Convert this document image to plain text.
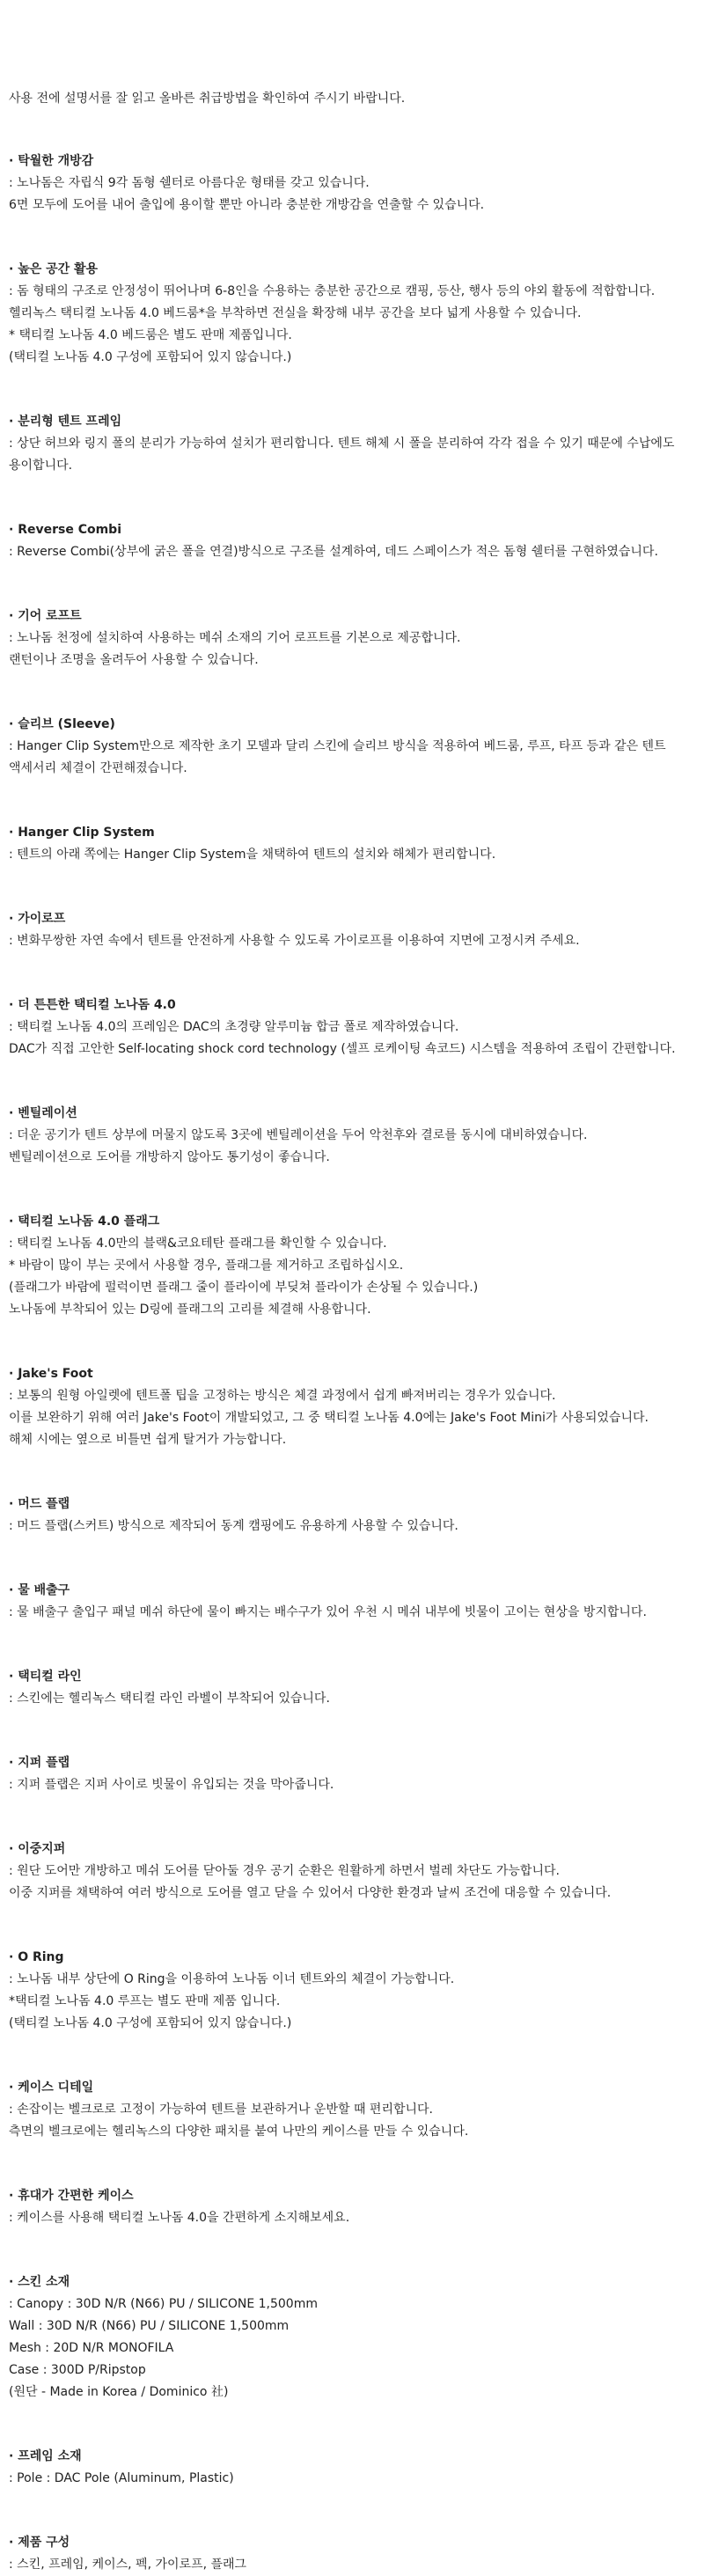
사용 전에 설명서를 잘 읽고 올바른 취급방법을 확인하여 주시기 바랍니다.

· 탁월한 개방감
: 노나돔은 자립식 9각 돔형 쉘터로 아름다운 형태를 갖고 있습니다.
6면 모두에 도어를 내어 출입에 용이할 뿐만 아니라 충분한 개방감을 연출할 수 있습니다.
· 높은 공간 활용
: 돔 형태의 구조로 안정성이 뛰어나며 6-8인을 수용하는 충분한 공간으로 캠핑, 등산, 행사 등의 야외 활동에 적합합니다.
헬리녹스 택티컬 노나돔 4.0 베드룸*을 부착하면 전실을 확장해 내부 공간을 보다 넓게 사용할 수 있습니다.
* 택티컬 노나돔 4.0 베드룸은 별도 판매 제품입니다.
(택티컬 노나돔 4.0 구성에 포함되어 있지 않습니다.)
· 분리형 텐트 프레임
: 상단 허브와 링지 폴의 분리가 가능하여 설치가 편리합니다. 텐트 해체 시 폴을 분리하여 각각 접을 수 있기 때문에 수납에도 용이합니다.
· Reverse Combi
: Reverse Combi(상부에 굵은 폴을 연결)방식으로 구조를 설계하여, 데드 스페이스가 적은 돔형 쉘터를 구현하였습니다.
· 기어 로프트
: 노나돔 천정에 설치하여 사용하는 메쉬 소재의 기어 로프트를 기본으로 제공합니다.
랜턴이나 조명을 올려두어 사용할 수 있습니다.
· 슬리브 (Sleeve)
: Hanger Clip System만으로 제작한 초기 모델과 달리 스킨에 슬리브 방식을 적용하여 베드룸, 루프, 타프 등과 같은 텐트 액세서리 체결이 간편해졌습니다.
· Hanger Clip System
: 텐트의 아래 쪽에는 Hanger Clip System을 채택하여 텐트의 설치와 해체가 편리합니다.
· 가이로프
: 변화무쌍한 자연 속에서 텐트를 안전하게 사용할 수 있도록 가이로프를 이용하여 지면에 고정시켜 주세요.
· 더 튼튼한 택티컬 노나돔 4.0
: 택티컬 노나돔 4.0의 프레임은 DAC의 초경량 알루미늄 합금 폴로 제작하였습니다.
DAC가 직접 고안한 Self-locating shock cord technology (셀프 로케이팅 쇽코드) 시스템을 적용하여 조립이 간편합니다.
· 벤틸레이션
: 더운 공기가 텐트 상부에 머물지 않도록 3곳에 벤틸레이션을 두어 악천후와 결로를 동시에 대비하였습니다.
벤틸레이션으로 도어를 개방하지 않아도 통기성이 좋습니다.
· 택티컬 노나돔 4.0 플래그
: 택티컬 노나돔 4.0만의 블랙&코요테탄 플래그를 확인할 수 있습니다.
* 바람이 많이 부는 곳에서 사용할 경우, 플래그를 제거하고 조립하십시오.
(플래그가 바람에 펄럭이면 플래그 줄이 플라이에 부딪쳐 플라이가 손상될 수 있습니다.)
노나돔에 부착되어 있는 D링에 플래그의 고리를 체결해 사용합니다.
· Jake's Foot
: 보통의 원형 아일렛에 텐트폴 팁을 고정하는 방식은 체결 과정에서 쉽게 빠져버리는 경우가 있습니다.
이를 보완하기 위해 여러 Jake's Foot이 개발되었고, 그 중 택티컬 노나돔 4.0에는 Jake's Foot Mini가 사용되었습니다.
해체 시에는 옆으로 비틀면 쉽게 탈거가 가능합니다.
· 머드 플랩
: 머드 플랩(스커트) 방식으로 제작되어 동계 캠핑에도 유용하게 사용할 수 있습니다.
· 물 배출구
: 물 배출구 출입구 패널 메쉬 하단에 물이 빠지는 배수구가 있어 우천 시 메쉬 내부에 빗물이 고이는 현상을 방지합니다.
· 택티컬 라인
: 스킨에는 헬리녹스 택티컬 라인 라벨이 부착되어 있습니다.
· 지퍼 플랩
: 지퍼 플랩은 지퍼 사이로 빗물이 유입되는 것을 막아줍니다.
· 이중지퍼
: 원단 도어만 개방하고 메쉬 도어를 닫아둘 경우 공기 순환은 원활하게 하면서 벌레 차단도 가능합니다.
이중 지퍼를 채택하여 여러 방식으로 도어를 열고 닫을 수 있어서 다양한 환경과 날씨 조건에 대응할 수 있습니다.
· O Ring
: 노나돔 내부 상단에 O Ring을 이용하여 노나돔 이너 텐트와의 체결이 가능합니다.
*택티컬 노나돔 4.0 루프는 별도 판매 제품 입니다.
(택티컬 노나돔 4.0 구성에 포함되어 있지 않습니다.)
· 케이스 디테일
: 손잡이는 벨크로로 고정이 가능하여 텐트를 보관하거나 운반할 때 편리합니다.
측면의 벨크로에는 헬리녹스의 다양한 패치를 붙여 나만의 케이스를 만들 수 있습니다.
· 휴대가 간편한 케이스
: 케이스를 사용해 택티컬 노나돔 4.0을 간편하게 소지해보세요.
· 스킨 소재
: Canopy : 30D N/R (N66) PU / SILICONE 1,500mm
Wall : 30D N/R (N66) PU / SILICONE 1,500mm
Mesh : 20D N/R MONOFILA
Case : 300D P/Ripstop
(원단 - Made in Korea / Dominico 社)
· 프레임 소재
: Pole : DAC Pole (Aluminum, Plastic)
· 제품 구성
: 스킨, 프레임, 케이스, 펙, 가이로프, 플래그
